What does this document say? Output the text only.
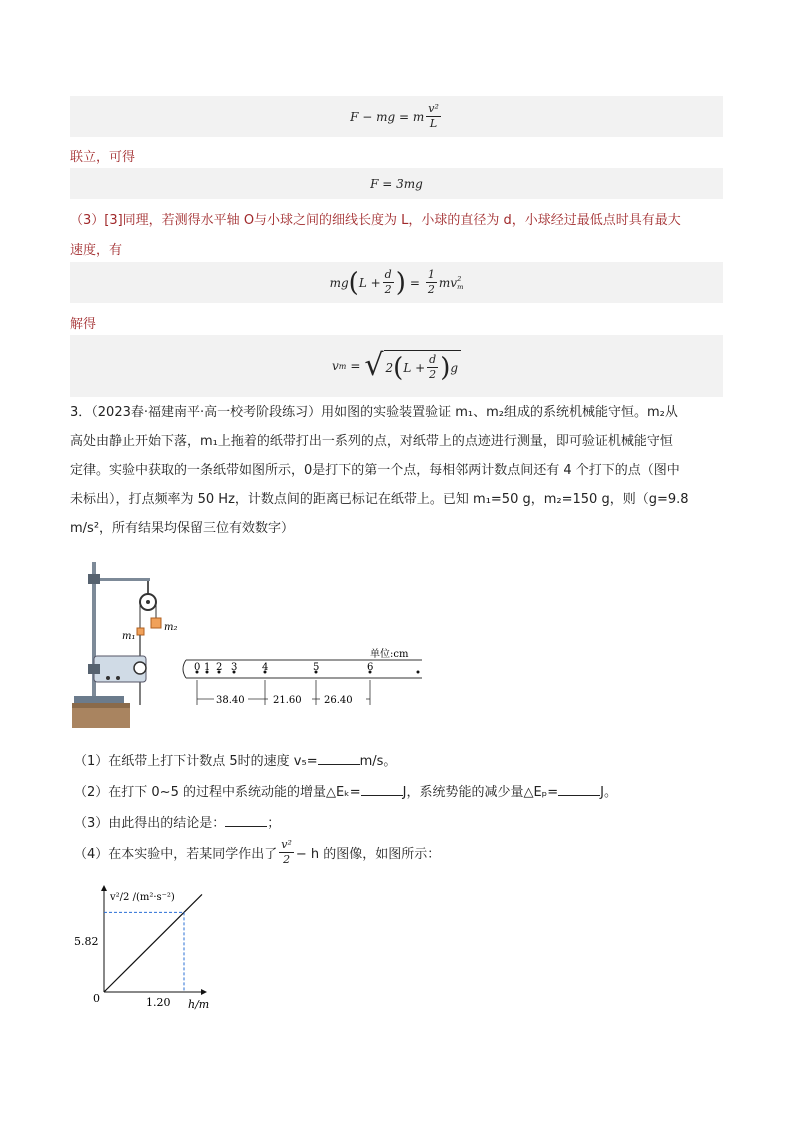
F − mg = m $\frac{\text{v²}}{L}$
联立，可得
F = 3mg
（3）[3]同理，若测得水平轴 O与小球之间的细线长度为 L，小球的直径为 d，小球经过最低点时具有最大
速度，有
mg ( $L + \frac{d}{2}$ ) = $\frac{1}{2}$ mv 2
m
解得
v m = √ 2 ( $L + \frac{d}{2}$ ) g
3．（2023春·福建南平·高一校考阶段练习）用如图的实验装置验证 m₁、m₂组成的系统机械能守恒。m₂从
高处由静止开始下落，m₁上拖着的纸带打出一系列的点，对纸带上的点迹进行测量，即可验证机械能守恒
定律。实验中获取的一条纸带如图所示，0是打下的第一个点，每相邻两计数点间还有 4 个打下的点（图中
未标出），打点频率为 50 Hz，计数点间的距离已标记在纸带上。已知 m₁=50 g，m₂=150 g，则（g=9.8
m/s²，所有结果均保留三位有效数字）
m₂
m₁
单位:cm
0 1 2 3 4	5	6
38.40	21.60 26.40
（1）在纸带上打下计数点 5时的速度 v₅=	m/s。
（2）在打下 0~5 的过程中系统动能的增量△Eₖ=	J，系统势能的减少量△Eₚ=	J。
（3）由此得出的结论是：	；
（4）在本实验中，若某同学作出了 $\frac{\text{v²}}{2} - h$ 的图像，如图所示：
v²/2 /(m²·s⁻²)
h/m
0
5.82
1.20
